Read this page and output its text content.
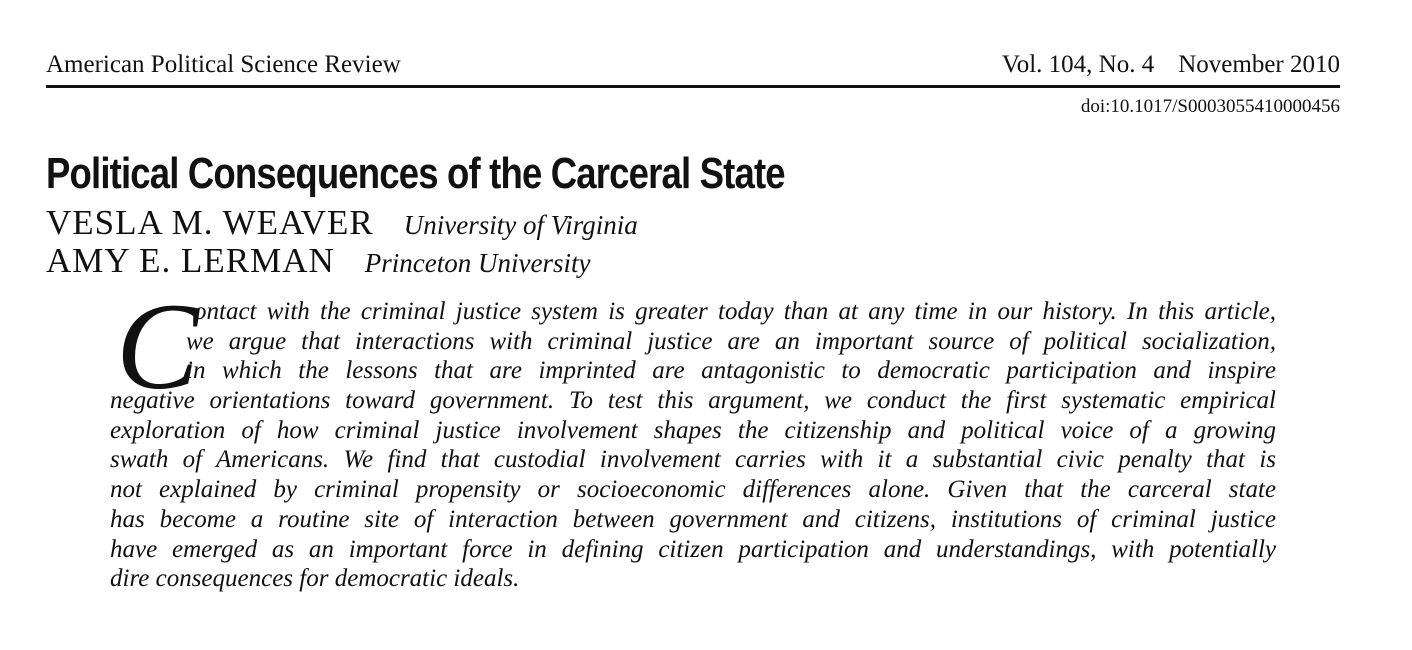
American Political Science Review	Vol. 104, No. 4 November 2010
doi:10.1017/S0003055410000456
Political Consequences of the Carceral State
VESLA M. WEAVER University of Virginia
AMY E. LERMAN Princeton University
C
ontact with the criminal justice system is greater today than at any time in our history. In this article,
we argue that interactions with criminal justice are an important source of political socialization,
in which the lessons that are imprinted are antagonistic to democratic participation and inspire
negative orientations toward government. To test this argument, we conduct the first systematic empirical
exploration of how criminal justice involvement shapes the citizenship and political voice of a growing
swath of Americans. We find that custodial involvement carries with it a substantial civic penalty that is
not explained by criminal propensity or socioeconomic differences alone. Given that the carceral state
has become a routine site of interaction between government and citizens, institutions of criminal justice
have emerged as an important force in defining citizen participation and understandings, with potentially
dire consequences for democratic ideals.
